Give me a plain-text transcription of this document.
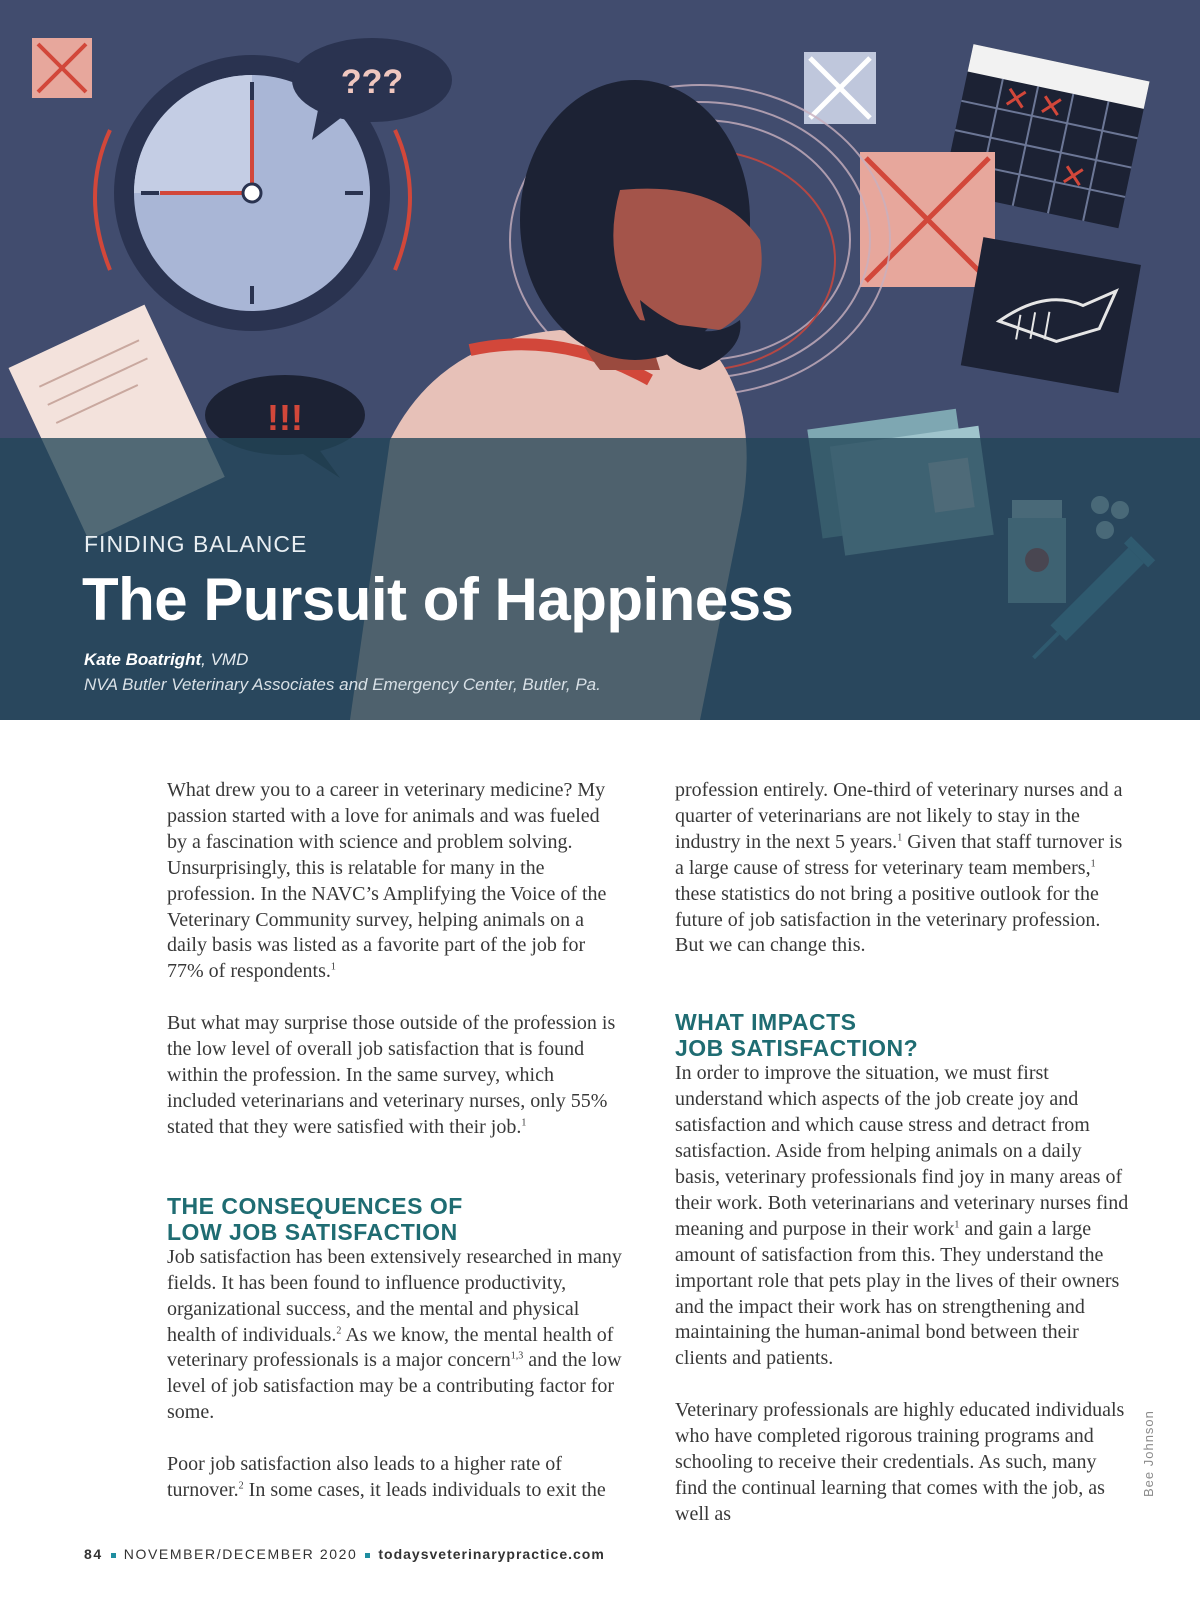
???
!!!
FINDING BALANCE
The Pursuit of Happiness
Kate Boatright, VMD
NVA Butler Veterinary Associates and Emergency Center, Butler, Pa.

What drew you to a career in veterinary medicine? My passion started with a love for animals and was fueled by a fascination with science and problem solving. Unsurprisingly, this is relatable for many in the profession. In the NAVC’s Amplifying the Voice of the Veterinary Community survey, helping animals on a daily basis was listed as a favorite part of the job for 77% of respondents.$^1$

But what may surprise those outside of the profession is the low level of overall job satisfaction that is found within the profession. In the same survey, which included veterinarians and veterinary nurses, only 55% stated that they were satisfied with their job.$^1$

THE CONSEQUENCES OF
LOW JOB SATISFACTION

Job satisfaction has been extensively researched in many fields. It has been found to influence productivity, organizational success, and the mental and physical health of individuals.$^2$ As we know, the mental health of veterinary professionals is a major concern$^{1,3}$ and the low level of job satisfaction may be a contributing factor for some.

Poor job satisfaction also leads to a higher rate of turnover.$^2$ In some cases, it leads individuals to exit the

profession entirely. One-third of veterinary nurses and a quarter of veterinarians are not likely to stay in the industry in the next 5 years.$^1$ Given that staff turnover is a large cause of stress for veterinary team members,$^1$ these statistics do not bring a positive outlook for the future of job satisfaction in the veterinary profession. But we can change this.

WHAT IMPACTS
JOB SATISFACTION?

In order to improve the situation, we must first understand which aspects of the job create joy and satisfaction and which cause stress and detract from satisfaction. Aside from helping animals on a daily basis, veterinary professionals find joy in many areas of their work. Both veterinarians and veterinary nurses find meaning and purpose in their work$^1$ and gain a large amount of satisfaction from this. They understand the important role that pets play in the lives of their owners and the impact their work has on strengthening and maintaining the human-animal bond between their clients and patients.

Veterinary professionals are highly educated individuals who have completed rigorous training programs and schooling to receive their credentials. As such, many find the continual learning that comes with the job, as well as

Bee Johnson
84 NOVEMBER/DECEMBER 2020 todaysveterinarypractice.com
